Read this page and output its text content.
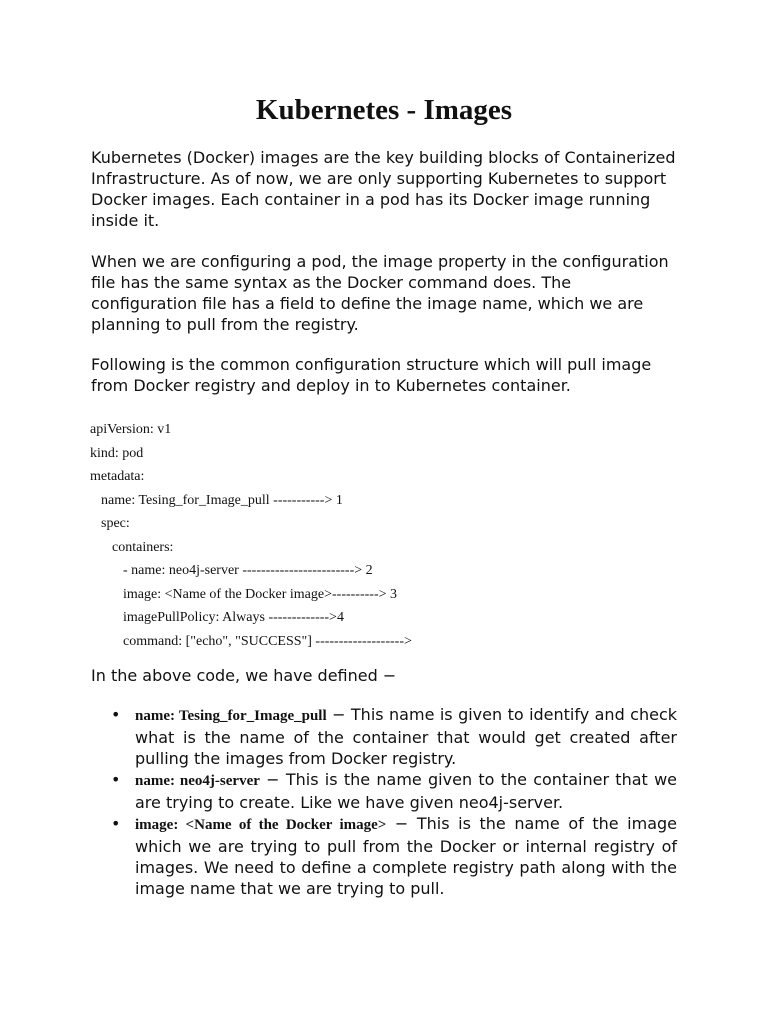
Kubernetes - Images

Kubernetes (Docker) images are the key building blocks of Containerized Infrastructure. As of now, we are only supporting Kubernetes to support Docker images. Each container in a pod has its Docker image running inside it.

When we are configuring a pod, the image property in the configuration file has the same syntax as the Docker command does. The configuration file has a field to define the image name, which we are planning to pull from the registry.

Following is the common configuration structure which will pull image from Docker registry and deploy in to Kubernetes container.

apiVersion: v1
kind: pod
metadata:
name: Tesing_for_Image_pull -----------> 1
spec:
containers:
- name: neo4j-server ------------------------> 2
image: <Name of the Docker image>----------> 3
imagePullPolicy: Always ------------->4
command: ["echo", "SUCCESS"] ------------------->

In the above code, we have defined −

• name: Tesing_for_Image_pull − This name is given to identify and check what is the name of the container that would get created after pulling the images from Docker registry.
• name: neo4j-server − This is the name given to the container that we are trying to create. Like we have given neo4j-server.
• image: <Name of the Docker image> − This is the name of the image which we are trying to pull from the Docker or internal registry of images. We need to define a complete registry path along with the image name that we are trying to pull.
